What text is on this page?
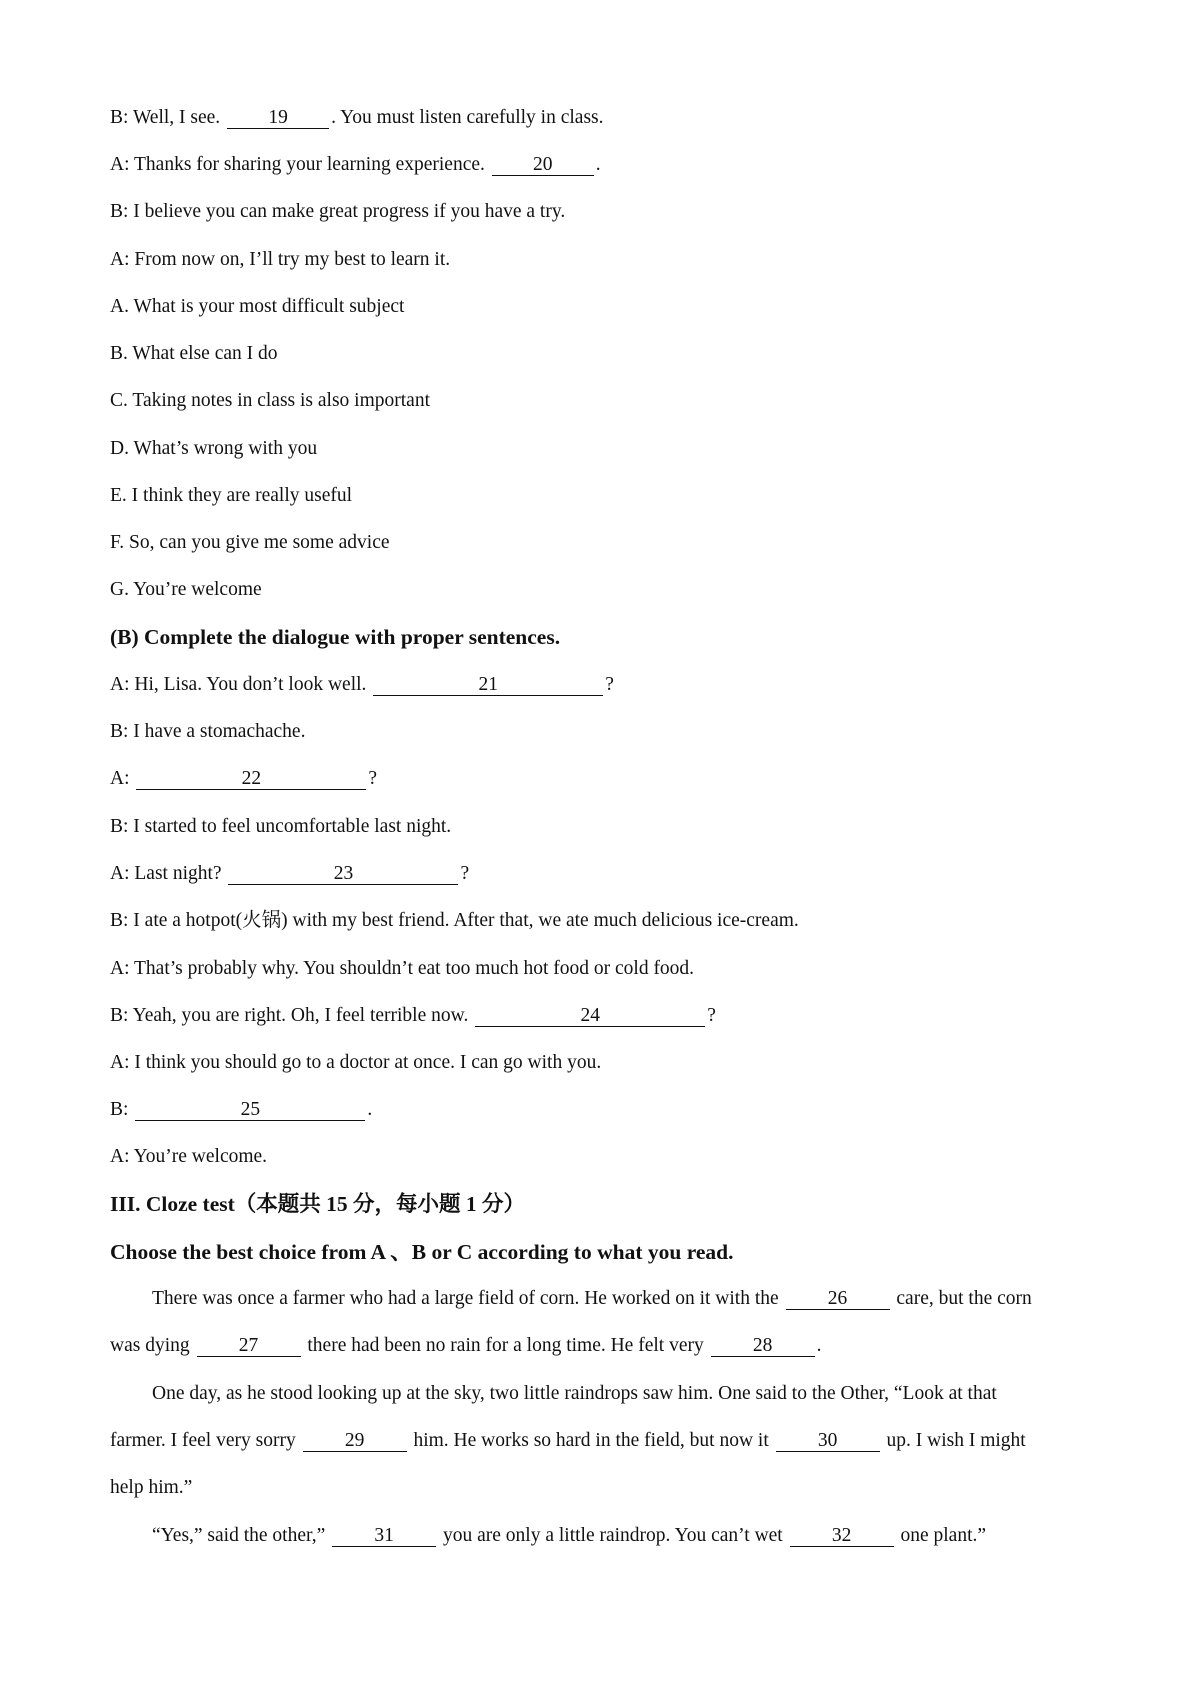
B: Well, I see. 19 . You must listen carefully in class.
A: Thanks for sharing your learning experience. 20 .
B: I believe you can make great progress if you have a try.
A: From now on, I’ll try my best to learn it.
A. What is your most difficult subject
B. What else can I do
C. Taking notes in class is also important
D. What’s wrong with you
E. I think they are really useful
F. So, can you give me some advice
G. You’re welcome
(B) Complete the dialogue with proper sentences.
A: Hi, Lisa. You don’t look well.	21	?
B: I have a stomachache.
A:	22	?
B: I started to feel uncomfortable last night.
A: Last night?	23	?
B: I ate a hotpot(火锅) with my best friend. After that, we ate much delicious ice-cream.
A: That’s probably why. You shouldn’t eat too much hot food or cold food.
B: Yeah, you are right. Oh, I feel terrible now.	24	?
A: I think you should go to a doctor at once. I can go with you.
B:	25	.
A: You’re welcome.
III. Cloze test（本题共 15 分，每小题 1 分）
Choose the best choice from A 、B or C according to what you read.
There was once a farmer who had a large field of corn. He worked on it with the	26	care, but the corn
was dying	27	there had been no rain for a long time. He felt very	28 .
One day, as he stood looking up at the sky, two little raindrops saw him. One said to the Other, “Look at that
farmer. I feel very sorry	29	him. He works so hard in the field, but now it	30	up. I wish I might
help him.”
“Yes,” said the other,”	31	you are only a little raindrop. You can’t wet	32	one plant.”
